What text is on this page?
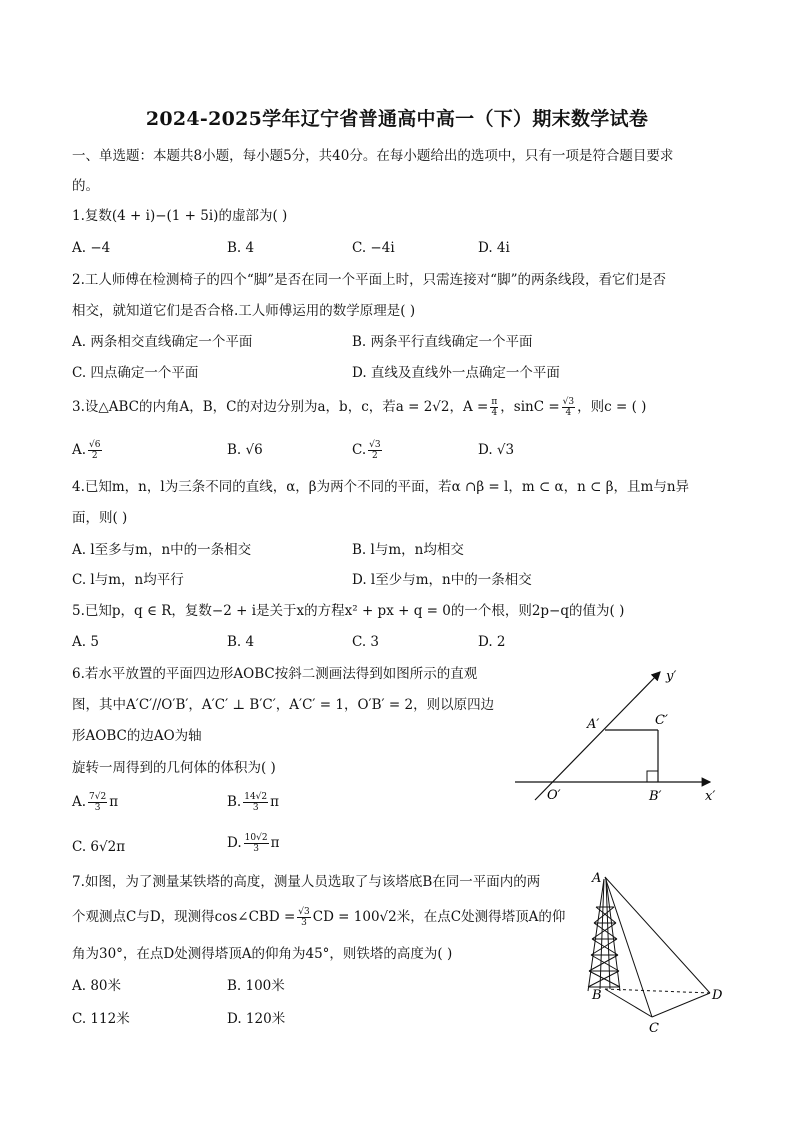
2024-2025学年辽宁省普通高中高一（下）期末数学试卷
一、单选题：本题共8小题，每小题5分，共40分。在每小题给出的选项中，只有一项是符合题目要求
的。
1.复数(4 + i)−(1 + 5i)的虚部为( )
A. −4	B. 4	C. −4i	D. 4i
2.工人师傅在检测椅子的四个“脚”是否在同一个平面上时，只需连接对“脚”的两条线段，看它们是否
相交，就知道它们是否合格.工人师傅运用的数学原理是( )
A. 两条相交直线确定一个平面	B. 两条平行直线确定一个平面
C. 四点确定一个平面	D. 直线及直线外一点确定一个平面
3.设△ABC的内角A，B，C的对边分别为a，b，c，若a = 2√2，$A = \frac{\pi}{4}$ ，$\sin C = \frac{√3}{4}$ ，则c = ( )
A. $\frac{√6}{2}$	B. √6	C. $\frac{√3}{2}$	D. √3
4.已知m，n，l为三条不同的直线，α，β为两个不同的平面，若α ∩β = l，m ⊂ α，n ⊂ β，且m与n异
面，则( )
A. l至多与m，n中的一条相交	B. l与m，n均相交
C. l与m，n均平行	D. l至少与m，n中的一条相交
5.已知p，q ∈ R，复数−2 + i是关于x的方程x² + px + q = 0的一个根，则2p−q的值为( )
A. 5	B. 4	C. 3	D. 2
6.若水平放置的平面四边形AOBC按斜二测画法得到如图所示的直观
图，其中A′C′//O′B′，A′C′ ⊥ B′C′，A′C′ = 1，O′B′ = 2，则以原四边
形AOBC的边AO为轴
旋转一周得到的几何体的体积为( )
A. $\frac{7√2}{3}$ π	B. $\frac{14√2}{3}$ π
C. 6√2π	D. $\frac{10√2}{3}$ π
y′
x′
A′	C′
O′	B′
7.如图，为了测量某铁塔的高度，测量人员选取了与该塔底B在同一平面内的两
个观测点C与D，现测得cos∠CBD = $\frac{√3}{3}$ CD = 100√2米，在点C处测得塔顶A的仰
角为30°，在点D处测得塔顶A的仰角为45°，则铁塔的高度为( )
A. 80米	B. 100米
C. 112米	D. 120米
A
B
C
D
